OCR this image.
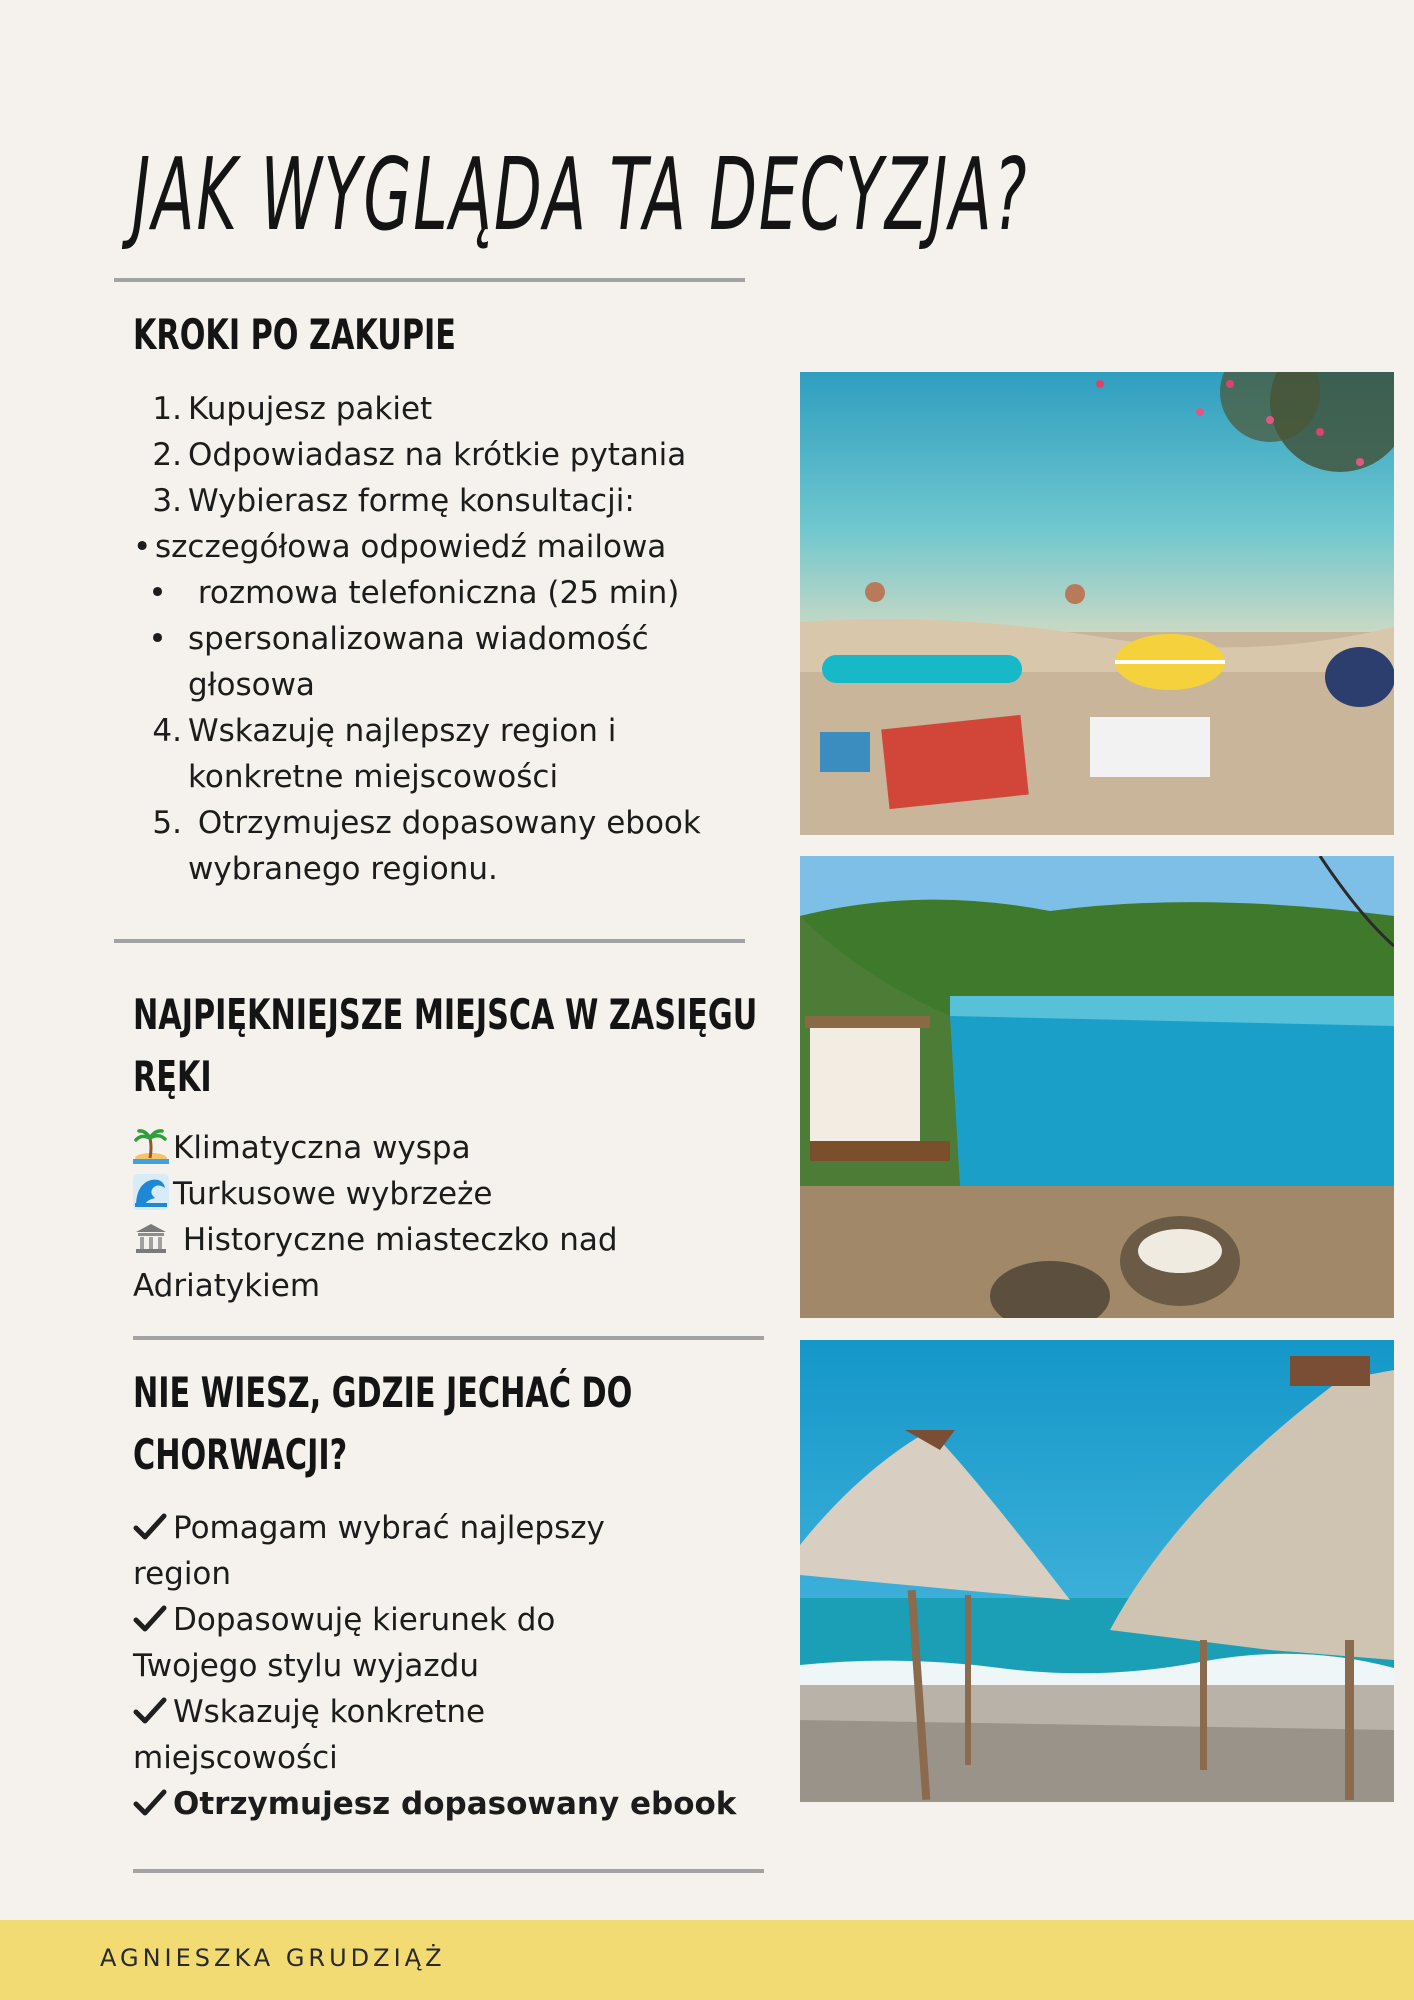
JAK WYGLĄDA TA DECYZJA?
KROKI PO ZAKUPIE
1. Kupujesz pakiet
2. Odpowiadasz na krótkie pytania
3. Wybierasz formę konsultacji:
• szczegółowa odpowiedź mailowa
• rozmowa telefoniczna (25 min)
• spersonalizowana wiadomość
głosowa
4. Wskazuję najlepszy region i
konkretne miejscowości
5. Otrzymujesz dopasowany ebook
wybranego regionu.
NAJPIĘKNIEJSZE MIEJSCA W ZASIĘGU
RĘKI
Klimatyczna wyspa
Turkusowe wybrzeże
Historyczne miasteczko nad
Adriatykiem
NIE WIESZ, GDZIE JECHAĆ DO
CHORWACJI?
Pomagam wybrać najlepszy
region
Dopasowuję kierunek do
Twojego stylu wyjazdu
Wskazuję konkretne
miejscowości
Otrzymujesz dopasowany ebook
AGNIESZKA GRUDZIĄŻ
